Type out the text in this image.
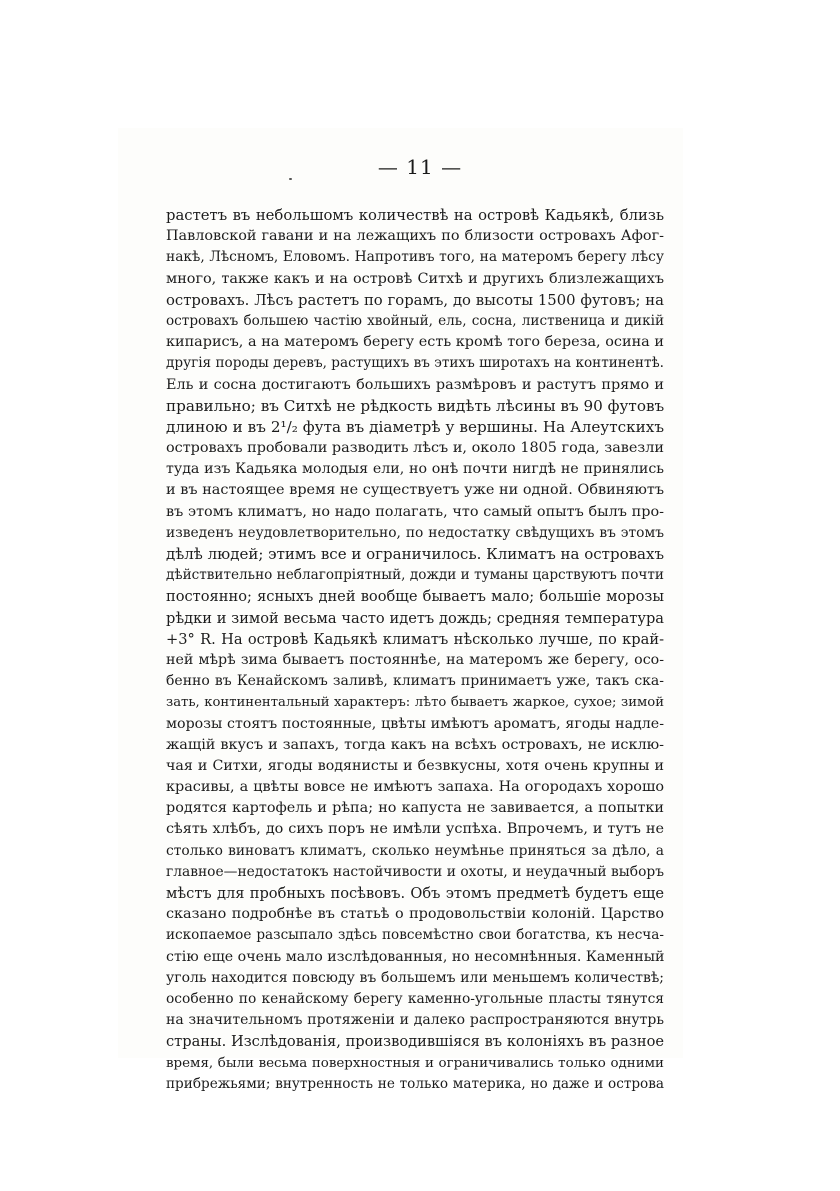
— 11 —
растетъ въ небольшомъ количествѣ на островѣ Кадьякѣ, близь
Павловской гавани и на лежащихъ по близости островахъ Афог-
накѣ, Лѣсномъ, Еловомъ. Напротивъ того, на матеромъ берегу лѣсу
много, также какъ и на островѣ Ситхѣ и другихъ близлежащихъ
островахъ. Лѣсъ растетъ по горамъ, до высоты 1500 футовъ; на
островахъ большею частію хвойный, ель, сосна, лиственица и дикій
кипарисъ, а на матеромъ берегу есть кромѣ того береза, осина и
другія породы деревъ, растущихъ въ этихъ широтахъ на континентѣ.
Ель и сосна достигаютъ большихъ размѣровъ и растутъ прямо и
правильно; въ Ситхѣ не рѣдкость видѣть лѣсины въ 90 футовъ
длиною и въ 2¹/₂ фута въ діаметрѣ у вершины. На Алеутскихъ
островахъ пробовали разводить лѣсъ и, около 1805 года, завезли
туда изъ Кадьяка молодыя ели, но онѣ почти нигдѣ не принялись
и въ настоящее время не существуетъ уже ни одной. Обвиняютъ
въ этомъ климатъ, но надо полагать, что самый опытъ былъ про-
изведенъ неудовлетворительно, по недостатку свѣдущихъ въ этомъ
дѣлѣ людей; этимъ все и ограничилось. Климатъ на островахъ
дѣйствительно неблагопріятный, дожди и туманы царствуютъ почти
постоянно; ясныхъ дней вообще бываетъ мало; большіе морозы
рѣдки и зимой весьма часто идетъ дождь; средняя температура
+3° R. На островѣ Кадьякѣ климатъ нѣсколько лучше, по край-
ней мѣрѣ зима бываетъ постояннѣе, на матеромъ же берегу, осо-
бенно въ Кенайскомъ заливѣ, климатъ принимаетъ уже, такъ ска-
зать, континентальный характеръ: лѣто бываетъ жаркое, сухое; зимой
морозы стоятъ постоянные, цвѣты имѣютъ ароматъ, ягоды надле-
жащій вкусъ и запахъ, тогда какъ на всѣхъ островахъ, не исклю-
чая и Ситхи, ягоды водянисты и безвкусны, хотя очень крупны и
красивы, а цвѣты вовсе не имѣютъ запаха. На огородахъ хорошо
родятся картофель и рѣпа; но капуста не завивается, а попытки
сѣять хлѣбъ, до сихъ поръ не имѣли успѣха. Впрочемъ, и тутъ не
столько виноватъ климатъ, сколько неумѣнье приняться за дѣло, а
главное—недостатокъ настойчивости и охоты, и неудачный выборъ
мѣстъ для пробныхъ посѣвовъ. Объ этомъ предметѣ будетъ еще
сказано подробнѣе въ статьѣ о продовольствіи колоній. Царство
ископаемое разсыпало здѣсь повсемѣстно свои богатства, къ несча-
стію еще очень мало изслѣдованныя, но несомнѣнныя. Каменный
уголь находится повсюду въ большемъ или меньшемъ количествѣ;
особенно по кенайскому берегу каменно-угольные пласты тянутся
на значительномъ протяженіи и далеко распространяются внутрь
страны. Изслѣдованія, производившіяся въ колоніяхъ въ разное
время, были весьма поверхностныя и ограничивались только одними
прибрежьями; внутренность не только материка, но даже и острова
